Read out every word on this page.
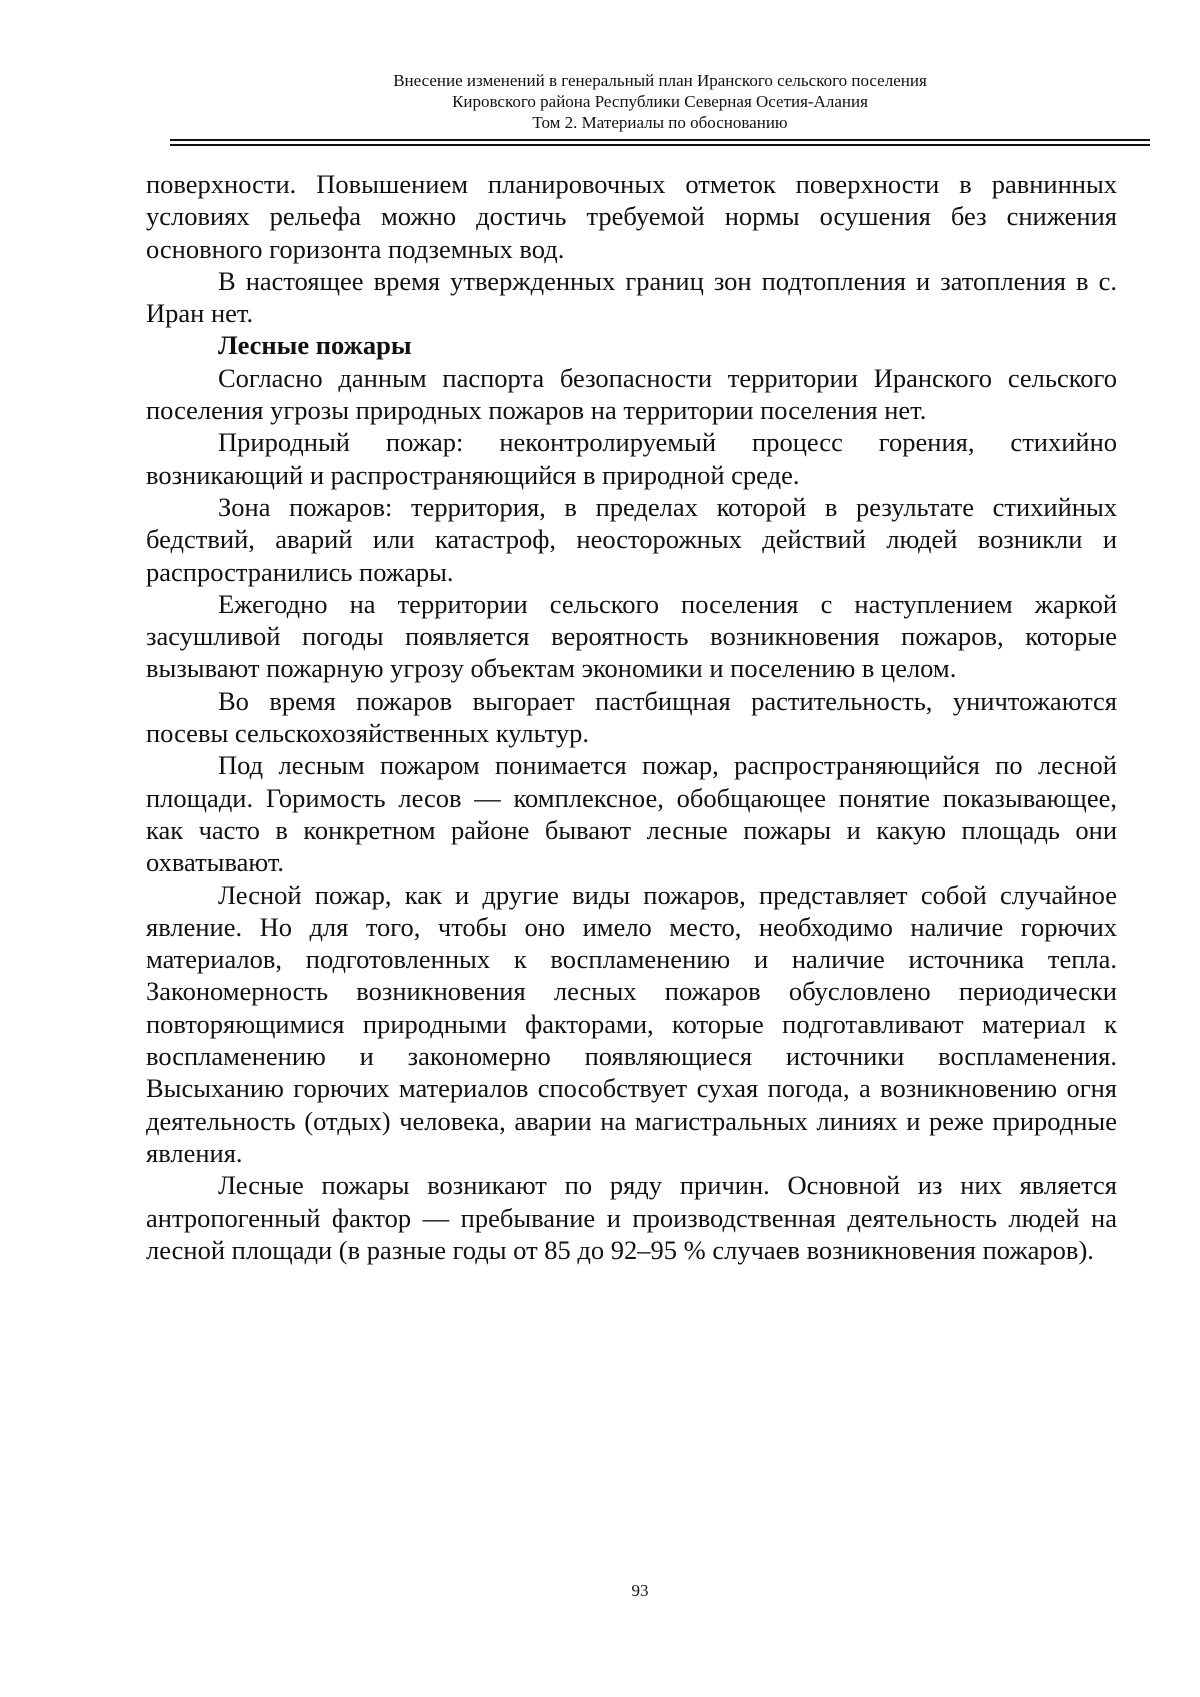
Внесение изменений в генеральный план Иранского сельского поселения
Кировского района Республики Северная Осетия-Алания
Том 2. Материалы по обоснованию

поверхности. Повышением планировочных отметок поверхности в равнинных условиях рельефа можно достичь требуемой нормы осушения без снижения основного горизонта подземных вод.

В настоящее время утвержденных границ зон подтопления и затопления в с. Иран нет.

Лесные пожары

Согласно данным паспорта безопасности территории Иранского сельского поселения угрозы природных пожаров на территории поселения нет.

Природный пожар: неконтролируемый процесс горения, стихийно возникающий и распространяющийся в природной среде.

Зона пожаров: территория, в пределах которой в результате стихийных бедствий, аварий или катастроф, неосторожных действий людей возникли и распространились пожары.

Ежегодно на территории сельского поселения с наступлением жаркой засушливой погоды появляется вероятность возникновения пожаров, которые вызывают пожарную угрозу объектам экономики и поселению в целом.

Во время пожаров выгорает пастбищная растительность, уничтожаются посевы сельскохозяйственных культур.

Под лесным пожаром понимается пожар, распространяющийся по лесной площади. Горимость лесов — комплексное, обобщающее понятие показывающее, как часто в конкретном районе бывают лесные пожары и какую площадь они охватывают.

Лесной пожар, как и другие виды пожаров, представляет собой случайное явление. Но для того, чтобы оно имело место, необходимо наличие горючих материалов, подготовленных к воспламенению и наличие источника тепла. Закономерность возникновения лесных пожаров обусловлено периодически повторяющимися природными факторами, которые подготавливают материал к воспламенению и закономерно появляющиеся источники воспламенения. Высыханию горючих материалов способствует сухая погода, а возникновению огня деятельность (отдых) человека, аварии на магистральных линиях и реже природные явления.

Лесные пожары возникают по ряду причин. Основной из них является антропогенный фактор — пребывание и производственная деятельность людей на лесной площади (в разные годы от 85 до 92–95 % случаев возникновения пожаров).

93
